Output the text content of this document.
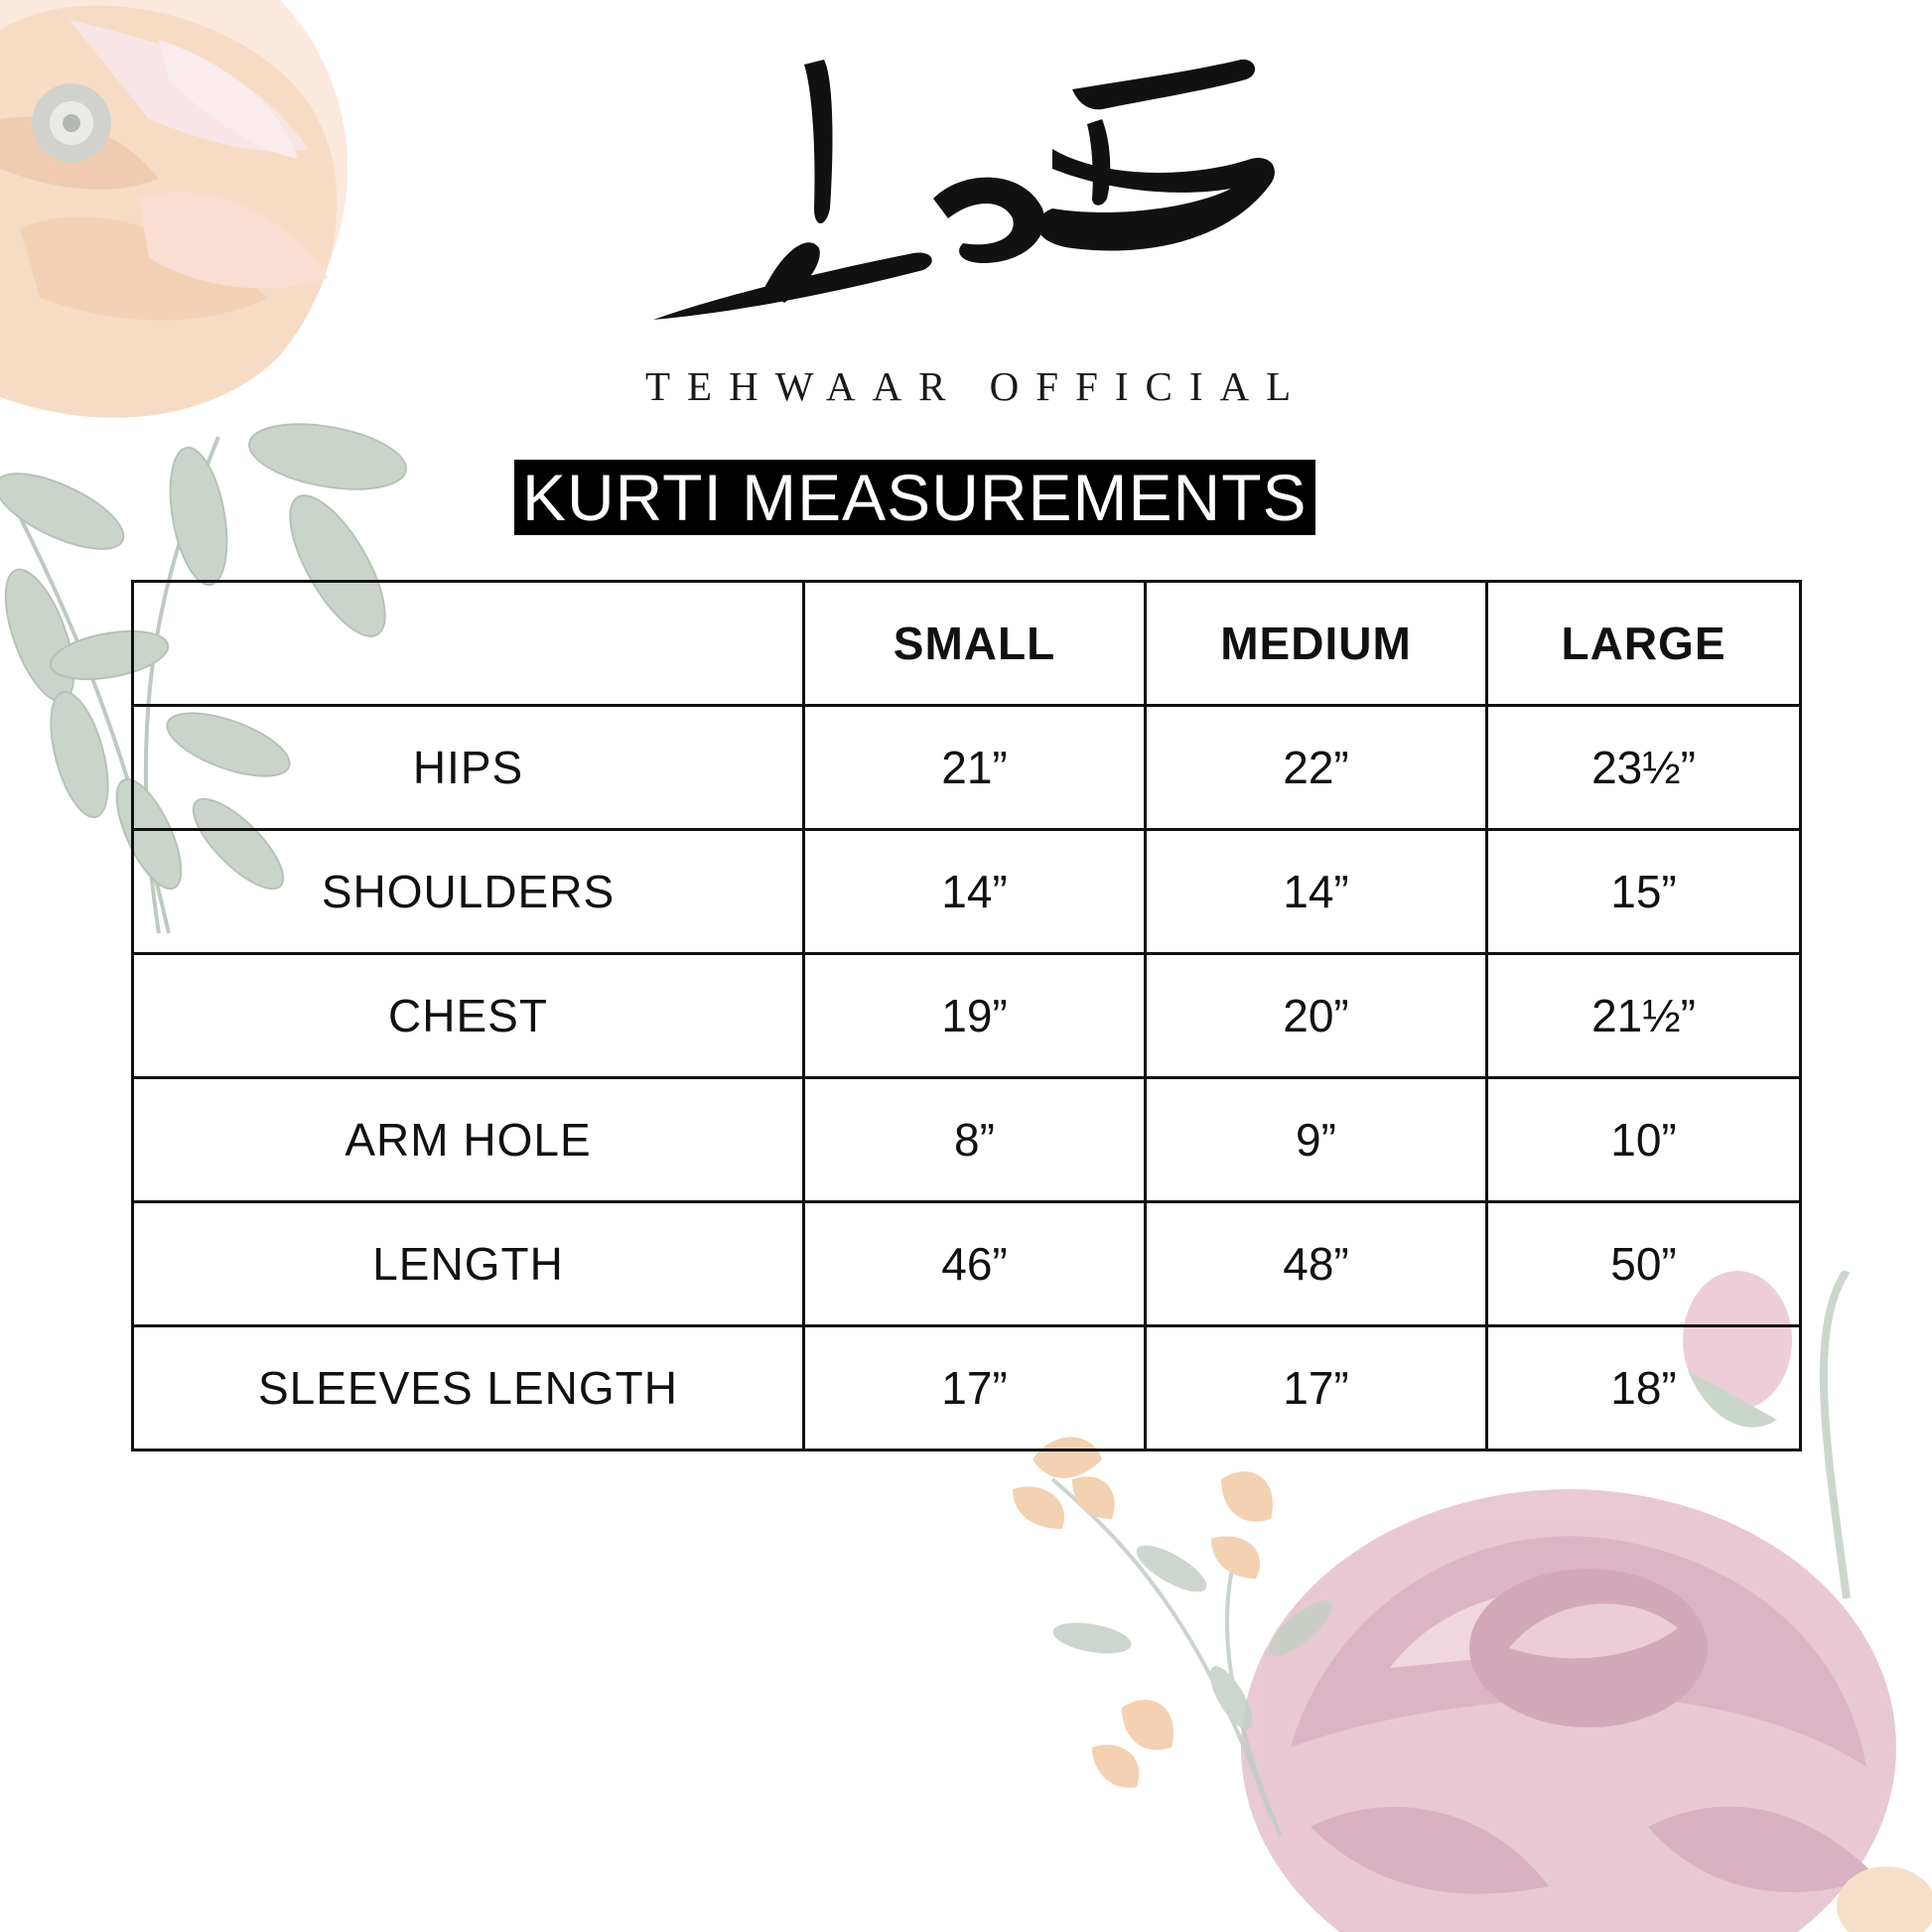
TEHWAAR OFFICIAL
KURTI MEASUREMENTS
	SMALL	MEDIUM	LARGE
HIPS	21”	22”	23½”
SHOULDERS	14”	14”	15”
CHEST	19”	20”	21½”
ARM HOLE	8”	9”	10”
LENGTH	46”	48”	50”
SLEEVES LENGTH	17”	17”	18”
